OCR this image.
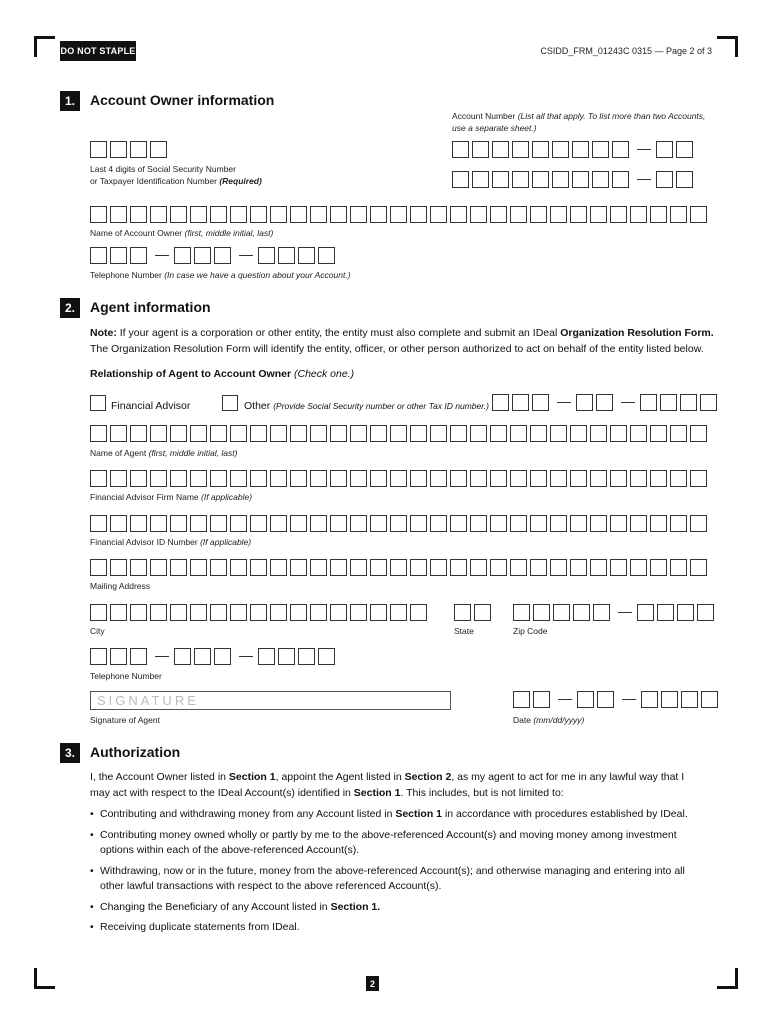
DO NOT STAPLE	CSIDD_FRM_01243C 0315 — Page 2 of 3
1.	Account Owner information
Account Number (List all that apply. To list more than two Accounts, use a separate sheet.)
Last 4 digits of Social Security Number
or Taxpayer Identification Number (Required)
Name of Account Owner (first, middle initial, last)
Telephone Number (In case we have a question about your Account.)
2.	Agent information
Note: If your agent is a corporation or other entity, the entity must also complete and submit an IDeal Organization Resolution Form. The Organization Resolution Form will identify the entity, officer, or other person authorized to act on behalf of the entity listed below.
Relationship of Agent to Account Owner (Check one.)
Financial Advisor	Other (Provide Social Security number or other Tax ID number.)
Name of Agent (first, middle initial, last)
Financial Advisor Firm Name (If applicable)
Financial Advisor ID Number (If applicable)
Mailing Address
City	State	Zip Code
Telephone Number
SIGNATURE
Signature of Agent	Date (mm/dd/yyyy)
3.	Authorization
I, the Account Owner listed in Section 1, appoint the Agent listed in Section 2, as my agent to act for me in any lawful way that I may act with respect to the IDeal Account(s) identified in Section 1. This includes, but is not limited to:
• Contributing and withdrawing money from any Account listed in Section 1 in accordance with procedures established by IDeal.
• Contributing money owned wholly or partly by me to the above-referenced Account(s) and moving money among investment options within each of the above-referenced Account(s).
• Withdrawing, now or in the future, money from the above-referenced Account(s); and otherwise managing and entering into all other lawful transactions with respect to the above referenced Account(s).
• Changing the Beneficiary of any Account listed in Section 1.
• Receiving duplicate statements from IDeal.
2
